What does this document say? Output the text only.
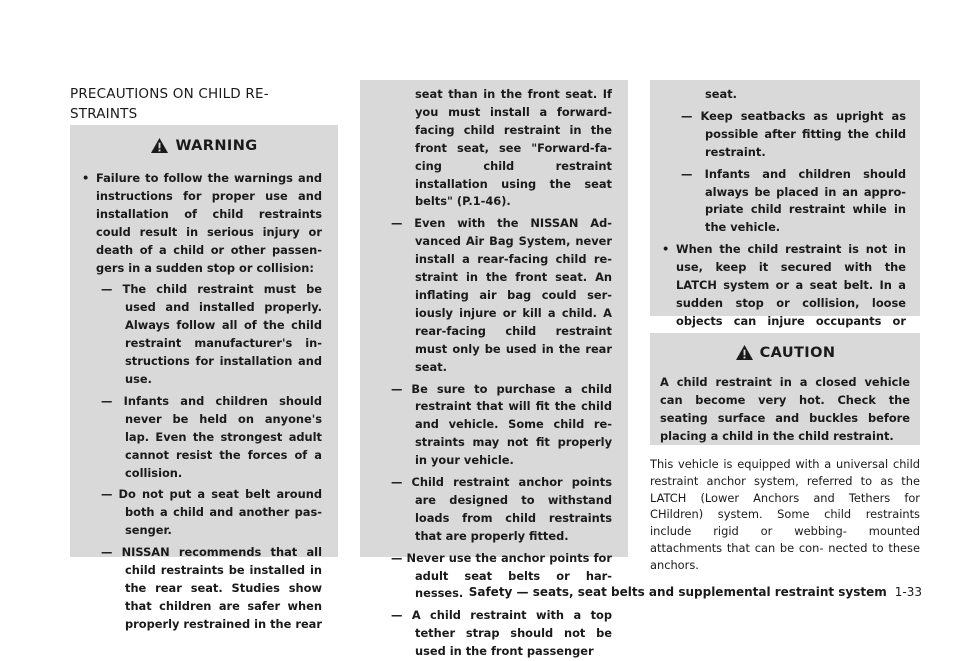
PRECAUTIONS ON CHILD RE-
STRAINTS
WARNING
• Failure to follow the warnings and instructions for proper use and installation of child restraints could result in serious injury or death of a child or other passen- gers in a sudden stop or collision:
— The child restraint must be used and installed properly. Always follow all of the child restraint manufacturer's in- structions for installation and use.
— Infants and children should never be held on anyone's lap. Even the strongest adult cannot resist the forces of a collision.
— Do not put a seat belt around both a child and another pas- senger.
— NISSAN recommends that all child restraints be installed in the rear seat. Studies show that children are safer when properly restrained in the rear
seat than in the front seat. If you must install a forward- facing child restraint in the front seat, see "Forward-fa- cing child restraint installation using the seat belts" (P.1-46).
— Even with the NISSAN Ad- vanced Air Bag System, never install a rear-facing child re- straint in the front seat. An inflating air bag could ser- iously injure or kill a child. A rear-facing child restraint must only be used in the rear seat.
— Be sure to purchase a child restraint that will fit the child and vehicle. Some child re- straints may not fit properly in your vehicle.
— Child restraint anchor points are designed to withstand loads from child restraints that are properly fitted.
— Never use the anchor points for adult seat belts or har- nesses.
— A child restraint with a top tether strap should not be used in the front passenger
seat.
— Keep seatbacks as upright as possible after fitting the child restraint.
— Infants and children should always be placed in an appro- priate child restraint while in the vehicle.
• When the child restraint is not in use, keep it secured with the LATCH system or a seat belt. In a sudden stop or collision, loose objects can injure occupants or
CAUTION
A child restraint in a closed vehicle can become very hot. Check the seating surface and buckles before placing a child in the child restraint.
This vehicle is equipped with a universal child restraint anchor system, referred to as the LATCH (Lower Anchors and Tethers for CHildren) system. Some child restraints include rigid or webbing- mounted attachments that can be con- nected to these anchors.
Safety — seats, seat belts and supplemental restraint system 1-33
